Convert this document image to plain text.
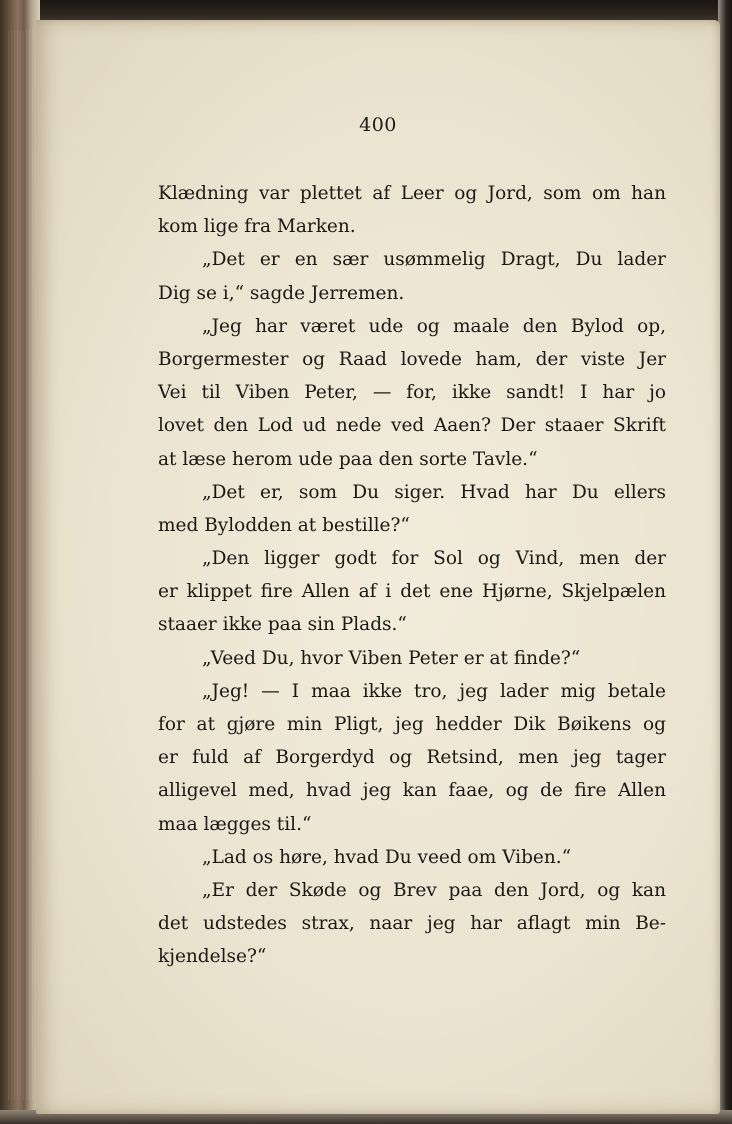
400
Klædning var plettet af Leer og Jord, som om han
kom lige fra Marken.
„Det er en sær usømmelig Dragt, Du lader
Dig se i,“ sagde Jerremen.
„Jeg har været ude og maale den Bylod op,
Borgermester og Raad lovede ham, der viste Jer
Vei til Viben Peter, — for, ikke sandt! I har jo
lovet den Lod ud nede ved Aaen? Der staaer Skrift
at læse herom ude paa den sorte Tavle.“
„Det er, som Du siger. Hvad har Du ellers
med Bylodden at bestille?“
„Den ligger godt for Sol og Vind, men der
er klippet fire Allen af i det ene Hjørne, Skjelpælen
staaer ikke paa sin Plads.“
„Veed Du, hvor Viben Peter er at finde?“
„Jeg! — I maa ikke tro, jeg lader mig betale
for at gjøre min Pligt, jeg hedder Dik Bøikens og
er fuld af Borgerdyd og Retsind, men jeg tager
alligevel med, hvad jeg kan faae, og de fire Allen
maa lægges til.“
„Lad os høre, hvad Du veed om Viben.“
„Er der Skøde og Brev paa den Jord, og kan
det udstedes strax, naar jeg har aflagt min Be-
kjendelse?“
